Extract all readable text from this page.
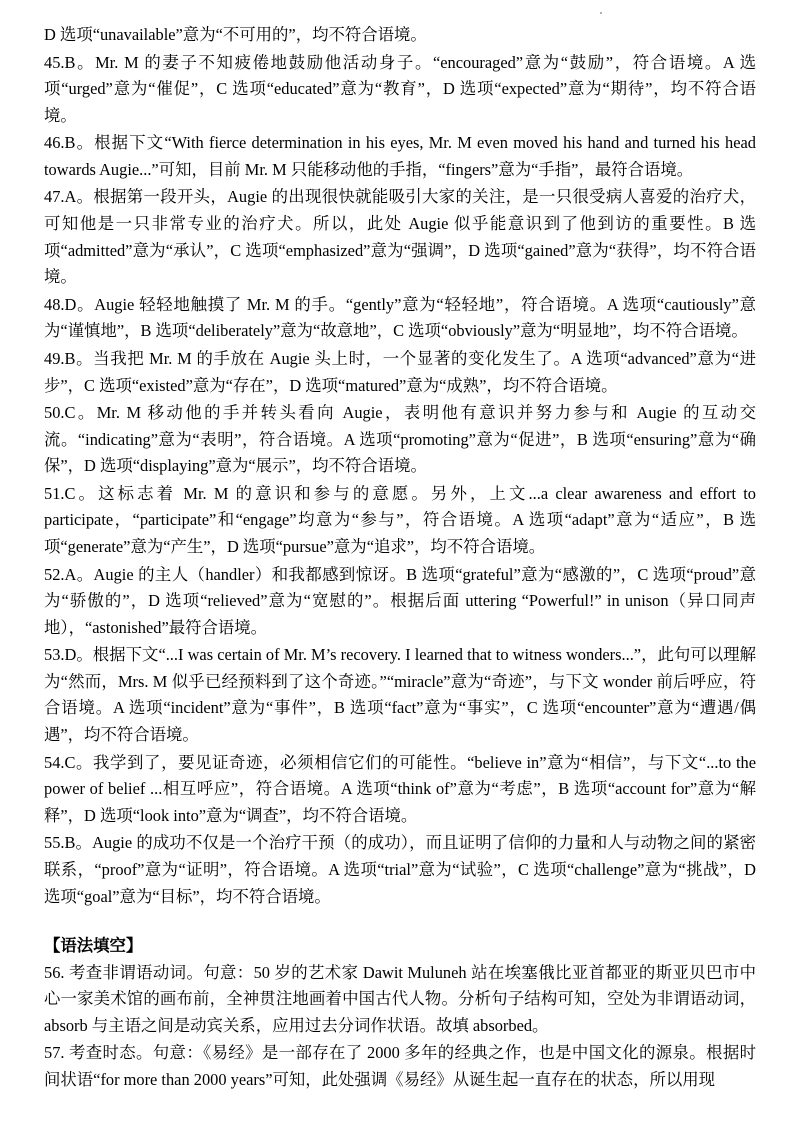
D 选项“unavailable”意为“不可用的”，均不符合语境。

45.B。Mr. M 的妻子不知疲倦地鼓励他活动身子。“encouraged”意为“鼓励”，符合语境。A 选项“urged”意为“催促”，C 选项“educated”意为“教育”，D 选项“expected”意为“期待”，均不符合语境。

46.B。根据下文“With fierce determination in his eyes, Mr. M even moved his hand and turned his head towards Augie...”可知，目前 Mr. M 只能移动他的手指，“fingers”意为“手指”，最符合语境。

47.A。根据第一段开头，Augie 的出现很快就能吸引大家的关注，是一只很受病人喜爱的治疗犬，可知他是一只非常专业的治疗犬。所以，此处 Augie 似乎能意识到了他到访的重要性。B 选项“admitted”意为“承认”，C 选项“emphasized”意为“强调”，D 选项“gained”意为“获得”，均不符合语境。

48.D。Augie 轻轻地触摸了 Mr. M 的手。“gently”意为“轻轻地”，符合语境。A 选项“cautiously”意为“谨慎地”，B 选项“deliberately”意为“故意地”，C 选项“obviously”意为“明显地”，均不符合语境。

49.B。当我把 Mr. M 的手放在 Augie 头上时，一个显著的变化发生了。A 选项“advanced”意为“进步”，C 选项“existed”意为“存在”，D 选项“matured”意为“成熟”，均不符合语境。

50.C。Mr. M 移动他的手并转头看向 Augie，表明他有意识并努力参与和 Augie 的互动交流。“indicating”意为“表明”，符合语境。A 选项“promoting”意为“促进”，B 选项“ensuring”意为“确保”，D 选项“displaying”意为“展示”，均不符合语境。

51.C。这标志着 Mr. M 的意识和参与的意愿。另外，上文...a clear awareness and effort to participate，“participate”和“engage”均意为“参与”，符合语境。A 选项“adapt”意为“适应”，B 选项“generate”意为“产生”，D 选项“pursue”意为“追求”，均不符合语境。

52.A。Augie 的主人（handler）和我都感到惊讶。B 选项“grateful”意为“感激的”，C 选项“proud”意为“骄傲的”，D 选项“relieved”意为“宽慰的”。根据后面 uttering “Powerful!” in unison（异口同声地），“astonished”最符合语境。

53.D。根据下文“...I was certain of Mr. M’s recovery. I learned that to witness wonders...”，此句可以理解为“然而，Mrs. M 似乎已经预料到了这个奇迹。”“miracle”意为“奇迹”，与下文 wonder 前后呼应，符合语境。A 选项“incident”意为“事件”，B 选项“fact”意为“事实”，C 选项“encounter”意为“遭遇/偶遇”，均不符合语境。

54.C。我学到了，要见证奇迹，必须相信它们的可能性。“believe in”意为“相信”，与下文“...to the power of belief ...相互呼应”，符合语境。A 选项“think of”意为“考虑”，B 选项“account for”意为“解释”，D 选项“look into”意为“调查”，均不符合语境。

55.B。Augie 的成功不仅是一个治疗干预（的成功），而且证明了信仰的力量和人与动物之间的紧密联系，“proof”意为“证明”，符合语境。A 选项“trial”意为“试验”，C 选项“challenge”意为“挑战”，D 选项“goal”意为“目标”，均不符合语境。

【语法填空】

56. 考查非谓语动词。句意：50 岁的艺术家 Dawit Muluneh 站在埃塞俄比亚首都亚的斯亚贝巴市中心一家美术馆的画布前，全神贯注地画着中国古代人物。分析句子结构可知，空处为非谓语动词，absorb 与主语之间是动宾关系，应用过去分词作状语。故填 absorbed。

57. 考查时态。句意：《易经》是一部存在了 2000 多年的经典之作，也是中国文化的源泉。根据时间状语“for more than 2000 years”可知，此处强调《易经》从诞生起一直存在的状态，所以用现
